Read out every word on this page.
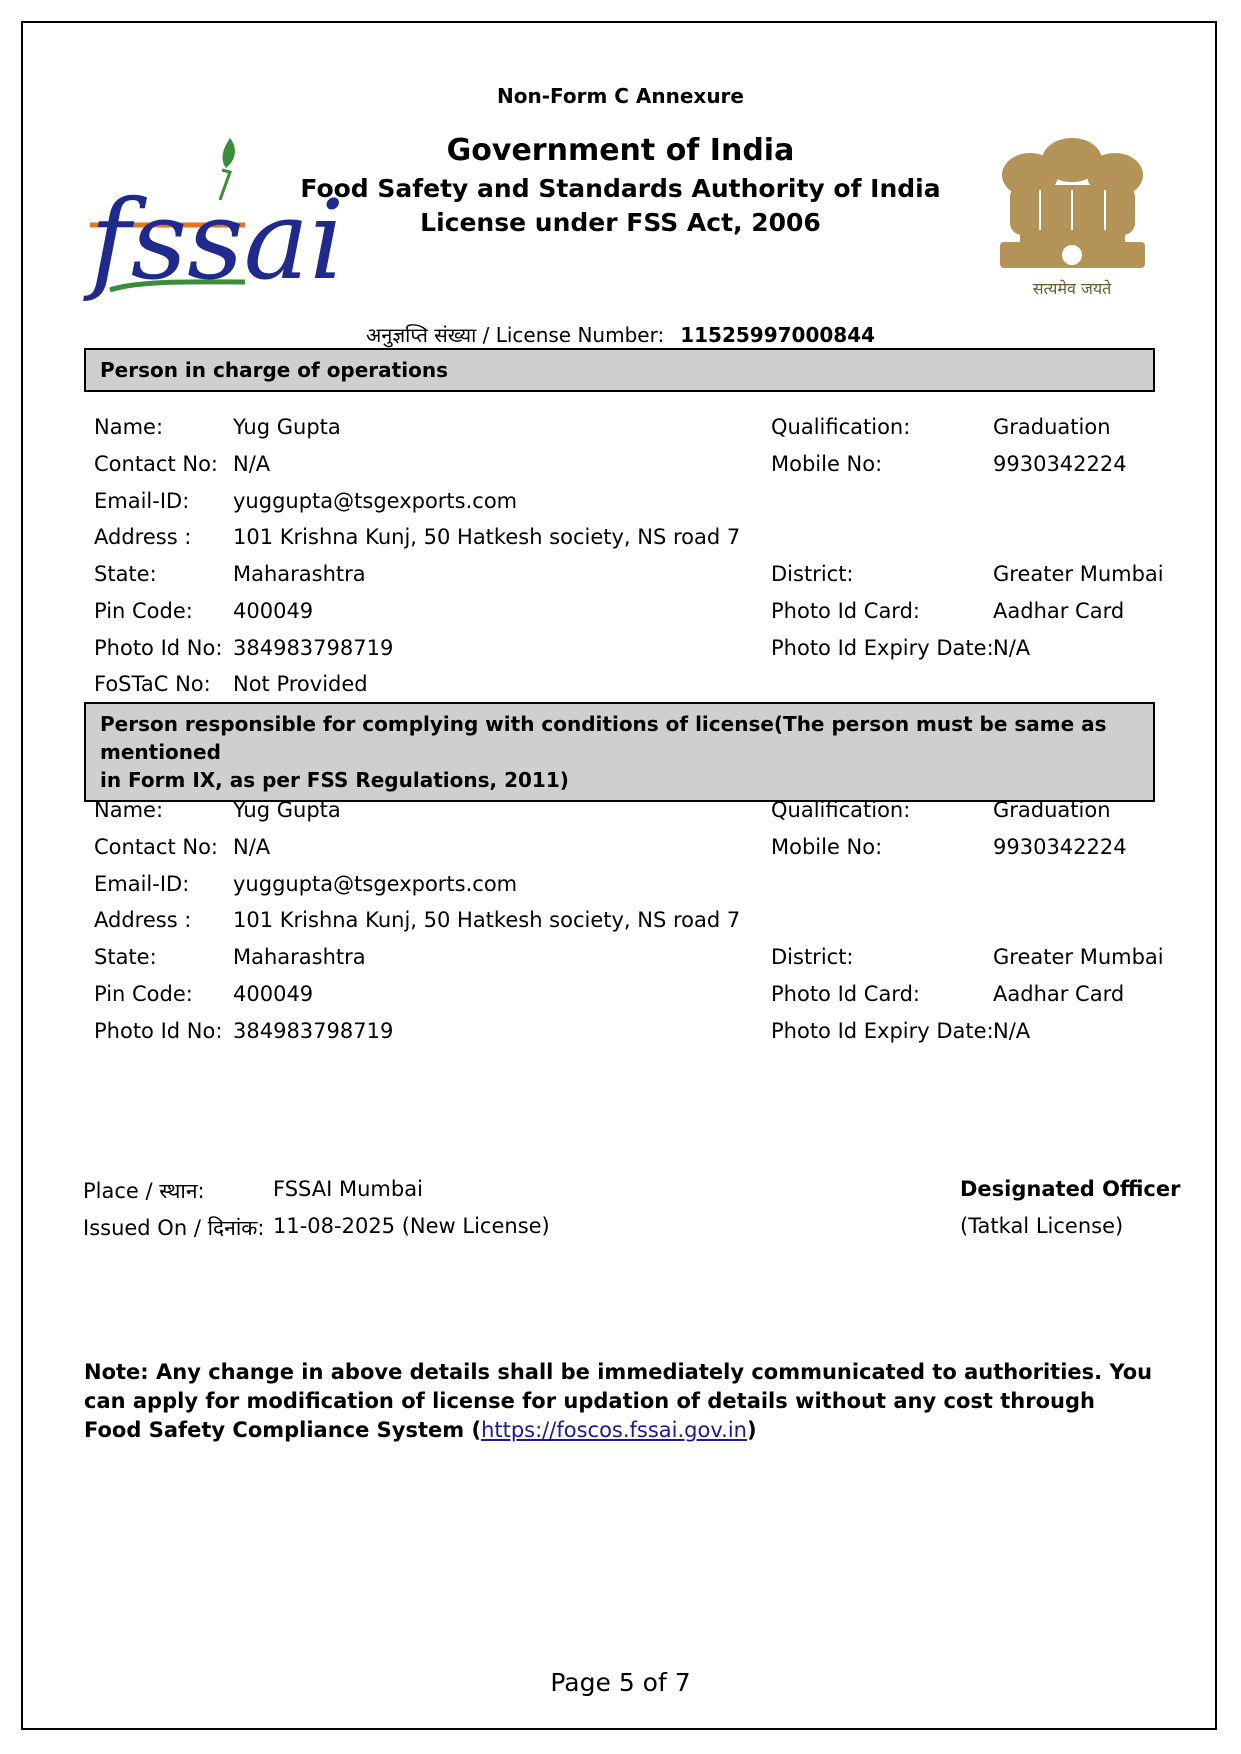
fssai	सत्यमेव जयते
Non-Form C Annexure
Government of India
Food Safety and Standards Authority of India
License under FSS Act, 2006
अनुज्ञप्ति संख्या / License Number: 11525997000844
Person in charge of operations
Name:	Yug Gupta	Qualification:	Graduation
Contact No: N/A	Mobile No:	9930342224
Email-ID: yuggupta@tsgexports.com
Address : 101 Krishna Kunj, 50 Hatkesh society, NS road 7
State:	Maharashtra	District:	Greater Mumbai
Pin Code: 400049	Photo Id Card:	Aadhar Card
Photo Id No: 384983798719	Photo Id Expiry Date: N/A
FoSTaC No: Not Provided
Person responsible for complying with conditions of license(The person must be same as mentioned
in Form IX, as per FSS Regulations, 2011)
Name:	Yug Gupta	Qualification:	Graduation
Contact No: N/A	Mobile No:	9930342224
Email-ID: yuggupta@tsgexports.com
Address : 101 Krishna Kunj, 50 Hatkesh society, NS road 7
State:	Maharashtra	District:	Greater Mumbai
Pin Code: 400049	Photo Id Card:	Aadhar Card
Photo Id No: 384983798719	Photo Id Expiry Date: N/A
Place / स्थान:	FSSAI Mumbai	Designated Officer
Issued On / दिनांक: 11-08-2025 (New License)	(Tatkal License)
Note: Any change in above details shall be immediately communicated to authorities. You can apply for modification of license for updation of details without any cost through Food Safety Compliance System (https://foscos.fssai.gov.in)
Page 5 of 7
